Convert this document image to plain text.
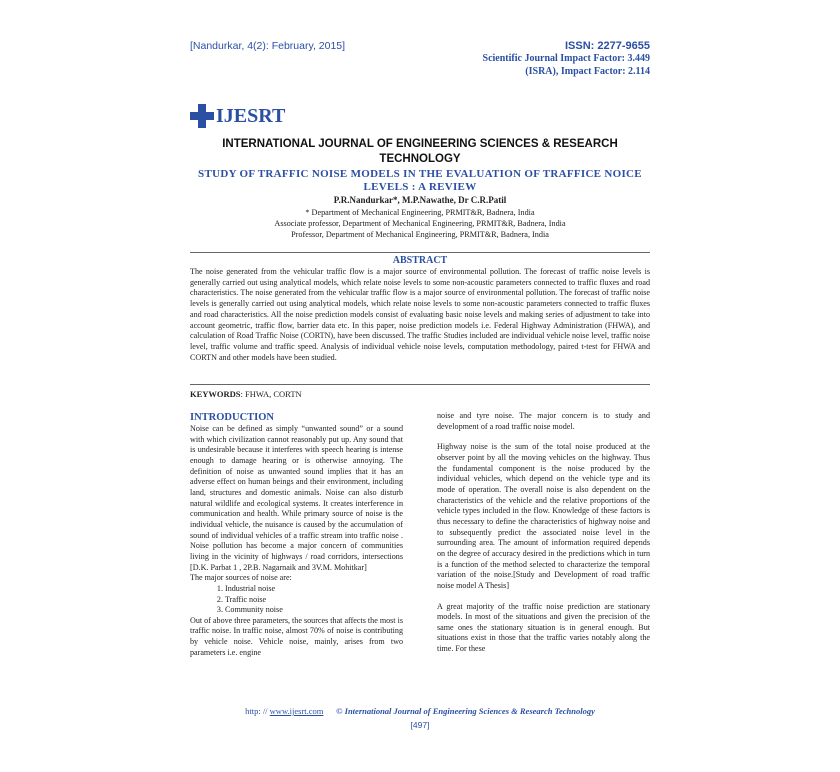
[Nandurkar, 4(2): February, 2015]	ISSN: 2277-9655
Scientific Journal Impact Factor: 3.449
(ISRA), Impact Factor: 2.114
IJESRT
INTERNATIONAL JOURNAL OF ENGINEERING SCIENCES & RESEARCH
TECHNOLOGY
STUDY OF TRAFFIC NOISE MODELS IN THE EVALUATION OF TRAFFICE NOICE
LEVELS : A REVIEW
P.R.Nandurkar*, M.P.Nawathe, Dr C.R.Patil
* Department of Mechanical Engineering, PRMIT&R, Badnera, India
Associate professor, Department of Mechanical Engineering, PRMIT&R, Badnera, India
Professor, Department of Mechanical Engineering, PRMIT&R, Badnera, India
ABSTRACT
The noise generated from the vehicular traffic flow is a major source of environmental pollution. The forecast of traffic noise levels is generally carried out using analytical models, which relate noise levels to some non-acoustic parameters connected to traffic fluxes and road characteristics. The noise generated from the vehicular traffic flow is a major source of environmental pollution. The forecast of traffic noise levels is generally carried out using analytical models, which relate noise levels to some non-acoustic parameters connected to traffic fluxes and road characteristics. All the noise prediction models consist of evaluating basic noise levels and making series of adjustment to take into account geometric, traffic flow, barrier data etc. In this paper, noise prediction models i.e. Federal Highway Administration (FHWA), and calculation of Road Traffic Noise (CORTN), have been discussed. The traffic Studies included are individual vehicle noise level, traffic noise level, traffic volume and traffic speed. Analysis of individual vehicle noise levels, computation methodology, paired t-test for FHWA and CORTN and other models have been studied.
KEYWORDS: FHWA, CORTN
INTRODUCTION

Noise can be defined as simply “unwanted sound” or a sound with which civilization cannot reasonably put up. Any sound that is undesirable because it interferes with speech hearing is intense enough to damage hearing or is otherwise annoying. The definition of noise as unwanted sound implies that it has an adverse effect on human beings and their environment, including land, structures and domestic animals. Noise can also disturb natural wildlife and ecological systems. It creates interference in communication and health. While primary source of noise is the individual vehicle, the nuisance is caused by the accumulation of sound of individual vehicles of a traffic stream into traffic noise . Noise pollution has become a major concern of communities living in the vicinity of highways / road corridors, intersections [D.K. Parbat 1 , 2P.B. Nagarnaik and 3V.M. Mohitkar]

The major sources of noise are:

1. Industrial noise
2. Traffic noise
3. Community noise

Out of above three parameters, the sources that affects the most is traffic noise. In traffic noise, almost 70% of noise is contributing by vehicle noise. Vehicle noise, mainly, arises from two parameters i.e. engine

noise and tyre noise. The major concern is to study and development of a road traffic noise model.

Highway noise is the sum of the total noise produced at the observer point by all the moving vehicles on the highway. Thus the fundamental component is the noise produced by the individual vehicles, which depend on the vehicle type and its mode of operation. The overall noise is also dependent on the characteristics of the vehicle and the relative proportions of the vehicle types included in the flow. Knowledge of these factors is thus necessary to define the characteristics of highway noise and to subsequently predict the associated noise level in the surrounding area. The amount of information required depends on the degree of accuracy desired in the predictions which in turn is a function of the method selected to characterize the temporal variation of the noise.[Study and Development of road traffic noise model A Thesis]

A great majority of the traffic noise prediction are stationary models. In most of the situations and given the precision of the same ones the stationary situation is in general enough. But situations exist in those that the traffic varies notably along the time. For these

http: // www.ijesrt.com © International Journal of Engineering Sciences & Research Technology
[497]
